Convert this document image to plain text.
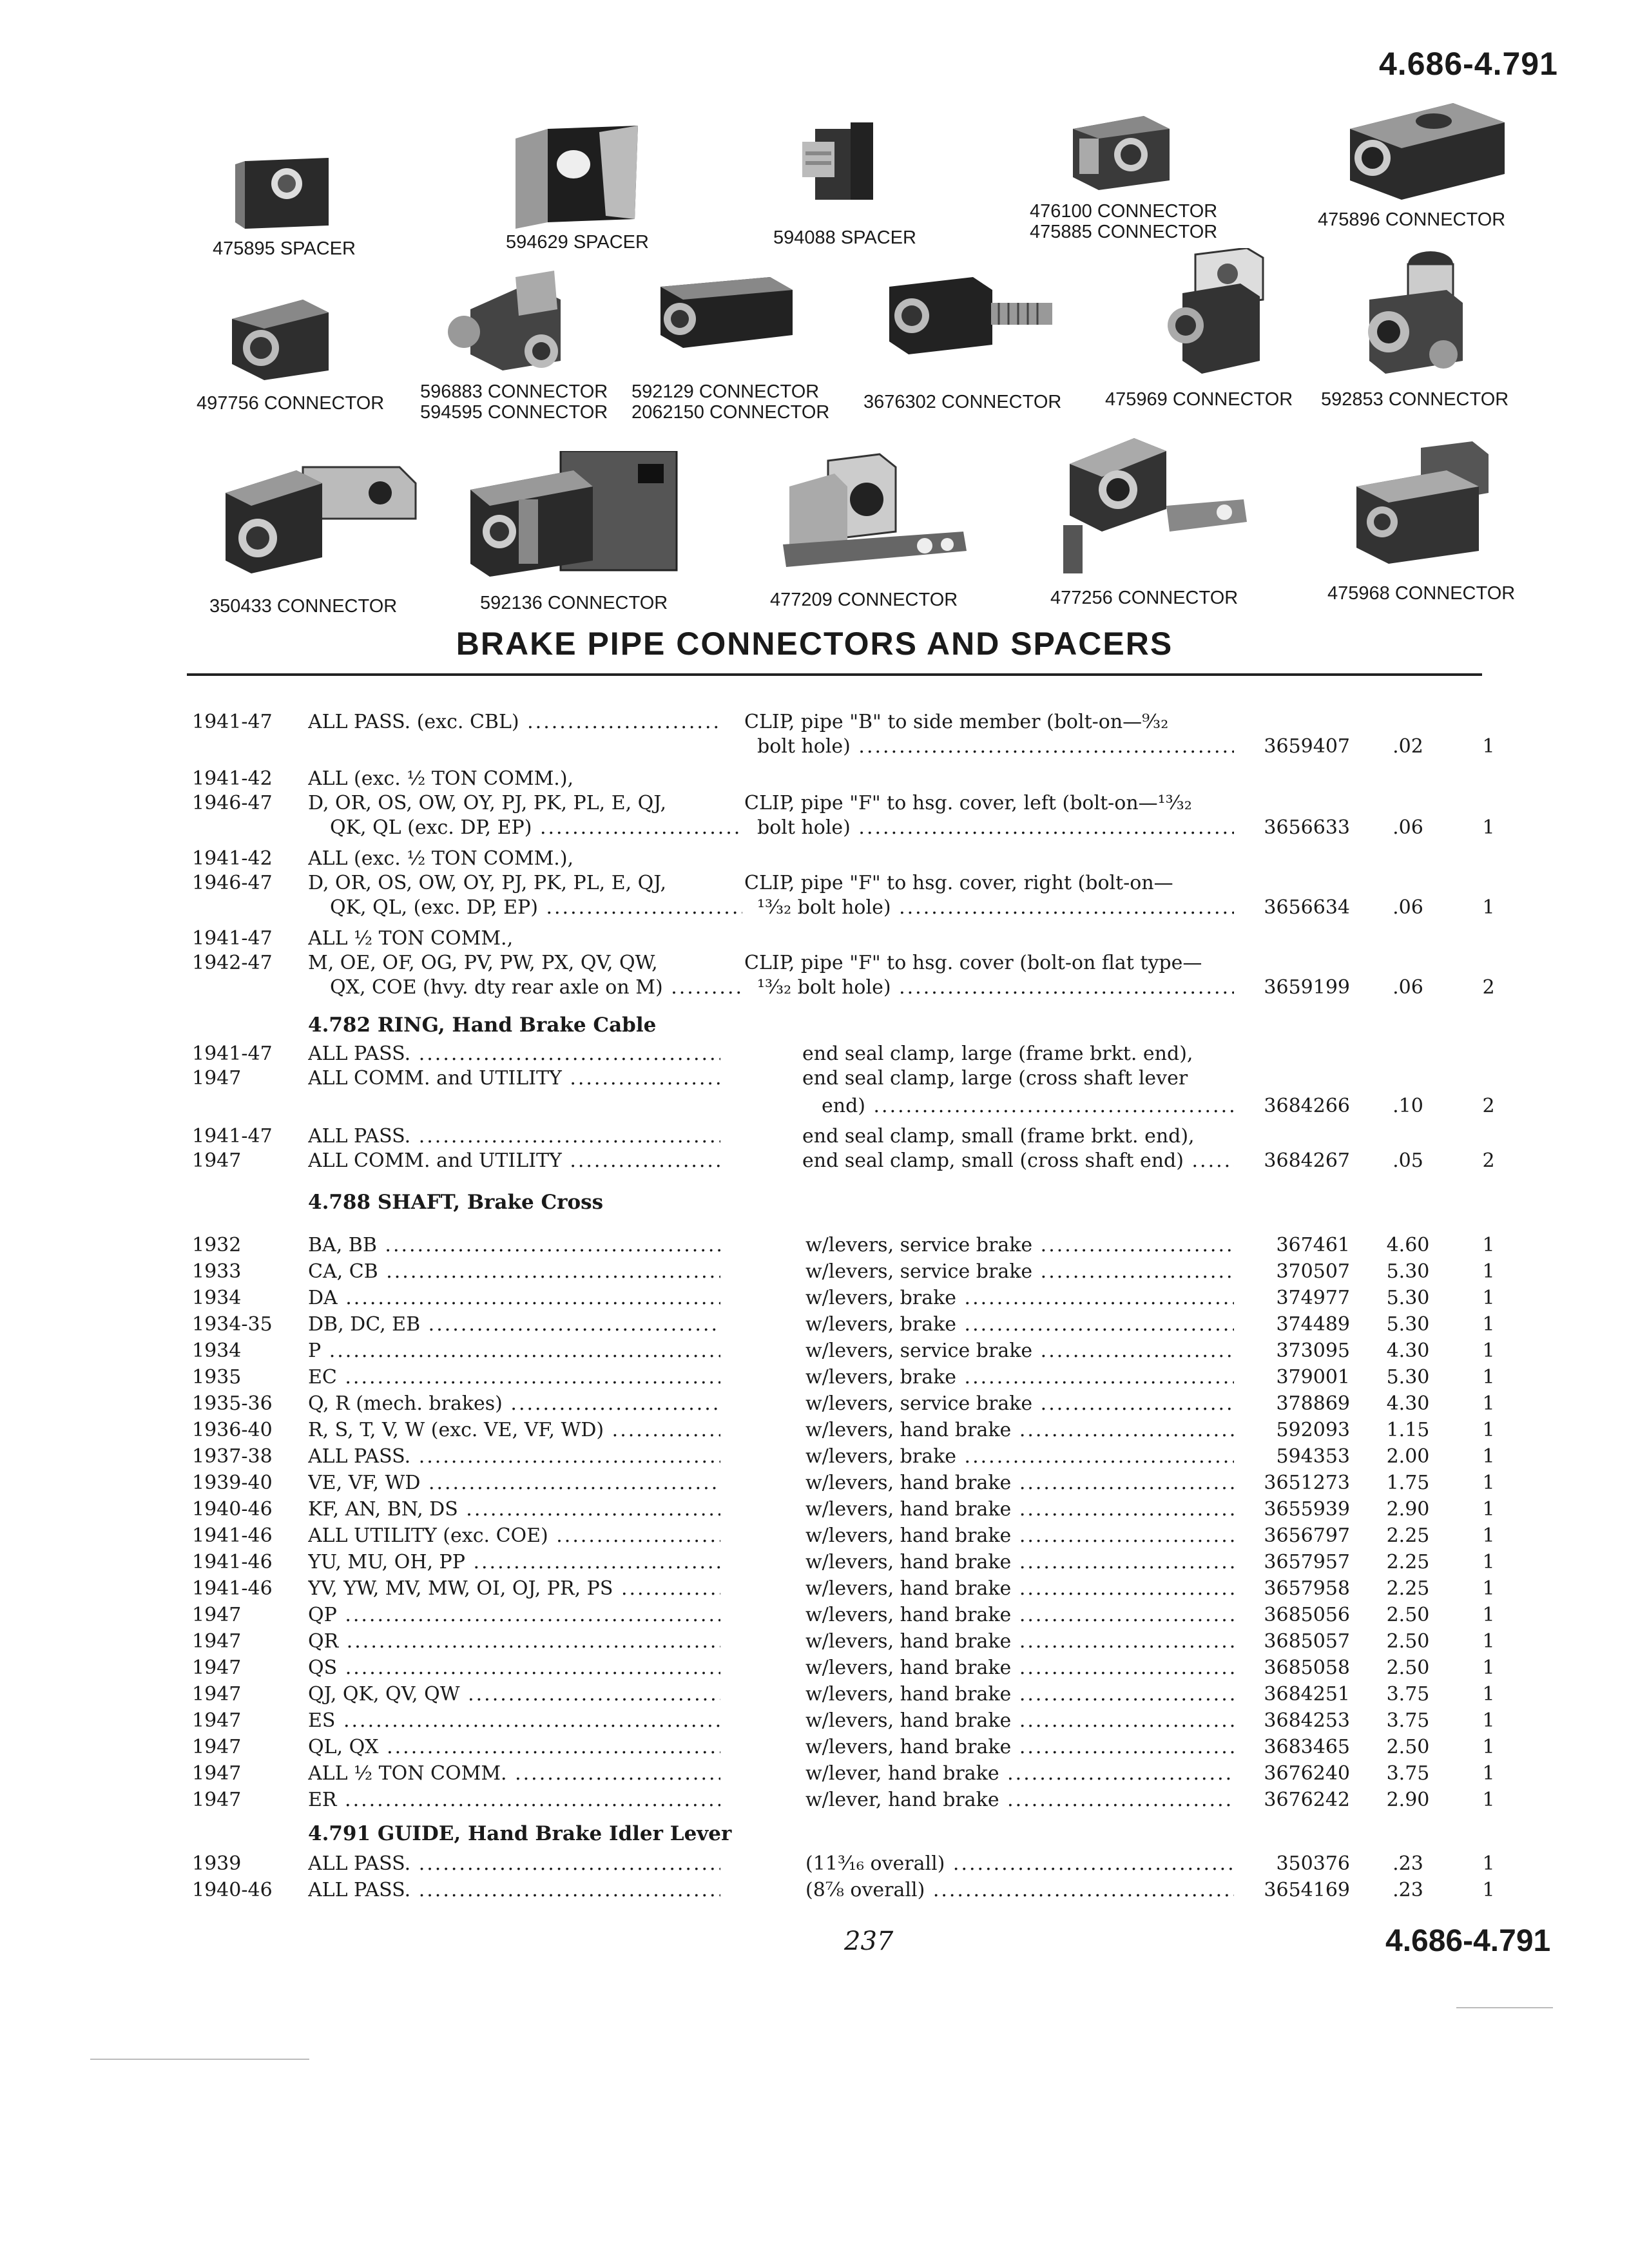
4.686-4.791
475895 SPACER	594629 SPACER	594088 SPACER
476100 CONNECTOR
475885 CONNECTOR
475896 CONNECTOR
497756 CONNECTOR
596883 CONNECTOR
594595 CONNECTOR
592129 CONNECTOR
2062150 CONNECTOR 3676302 CONNECTOR 475969 CONNECTOR 592853 CONNECTOR
350433 CONNECTOR	592136 CONNECTOR	477209 CONNECTOR	477256 CONNECTOR	475968 CONNECTOR
BRAKE PIPE CONNECTORS AND SPACERS
1941-47 ALL PASS. (exc. CBL) .....	CLIP, pipe "B" to side member (bolt-on—⁹⁄₃₂
bolt hole) .....	3659407	.02	1
1941-42 ALL (exc. ½ TON COMM.),
1946-47 D, OR, OS, OW, OY, PJ, PK, PL, E, QJ,	CLIP, pipe "F" to hsg. cover, left (bolt-on—¹³⁄₃₂
QK, QL (exc. DP, EP) .....	bolt hole) .....	3656633	.06	1
1941-42 ALL (exc. ½ TON COMM.),
1946-47 D, OR, OS, OW, OY, PJ, PK, PL, E, QJ,	CLIP, pipe "F" to hsg. cover, right (bolt-on—
QK, QL, (exc. DP, EP) .....	¹³⁄₃₂ bolt hole) .....	3656634	.06	1
1941-47 ALL ½ TON COMM.,
1942-47 M, OE, OF, OG, PV, PW, PX, QV, QW,	CLIP, pipe "F" to hsg. cover (bolt-on flat type—
QX, COE (hvy. dty rear axle on M) .....	¹³⁄₃₂ bolt hole) .....	3659199	.06	2
4.782 RING, Hand Brake Cable
1941-47 ALL PASS. .....	end seal clamp, large (frame brkt. end),
1947	ALL COMM. and UTILITY .....	end seal clamp, large (cross shaft lever
end) .....	3684266	.10	2
1941-47 ALL PASS. .....	end seal clamp, small (frame brkt. end),
1947	ALL COMM. and UTILITY .....	end seal clamp, small (cross shaft end) .....	3684267	.05	2
4.788 SHAFT, Brake Cross
1932	BA, BB .....	w/levers, service brake .....	367461	4.60	1
1933	CA, CB .....	w/levers, service brake .....	370507	5.30	1
1934	DA .....	w/levers, brake .....	374977	5.30	1
1934-35 DB, DC, EB .....	w/levers, brake .....	374489	5.30	1
1934	P .....	w/levers, service brake .....	373095	4.30	1
1935	EC .....	w/levers, brake .....	379001	5.30	1
1935-36 Q, R (mech. brakes) .....	w/levers, service brake .....	378869	4.30	1
1936-40 R, S, T, V, W (exc. VE, VF, WD) .....	w/levers, hand brake .....	592093	1.15	1
1937-38 ALL PASS. .....	w/levers, brake .....	594353	2.00	1
1939-40 VE, VF, WD .....	w/levers, hand brake .....	3651273	1.75	1
1940-46 KF, AN, BN, DS .....	w/levers, hand brake .....	3655939	2.90	1
1941-46 ALL UTILITY (exc. COE) .....	w/levers, hand brake .....	3656797	2.25	1
1941-46 YU, MU, OH, PP .....	w/levers, hand brake .....	3657957	2.25	1
1941-46 YV, YW, MV, MW, OI, OJ, PR, PS .....	w/levers, hand brake .....	3657958	2.25	1
1947	QP .....	w/levers, hand brake .....	3685056	2.50	1
1947	QR .....	w/levers, hand brake .....	3685057	2.50	1
1947	QS .....	w/levers, hand brake .....	3685058	2.50	1
1947	QJ, QK, QV, QW .....	w/levers, hand brake .....	3684251	3.75	1
1947	ES .....	w/levers, hand brake .....	3684253	3.75	1
1947	QL, QX .....	w/levers, hand brake .....	3683465	2.50	1
1947	ALL ½ TON COMM. .....	w/lever, hand brake .....	3676240	3.75	1
1947	ER .....	w/lever, hand brake .....	3676242	2.90	1
4.791 GUIDE, Hand Brake Idler Lever
1939	ALL PASS. .....	(11³⁄₁₆ overall) .....	350376	.23	1
1940-46 ALL PASS. .....	(8⁷⁄₈ overall) .....	3654169	.23	1
237	4.686-4.791
